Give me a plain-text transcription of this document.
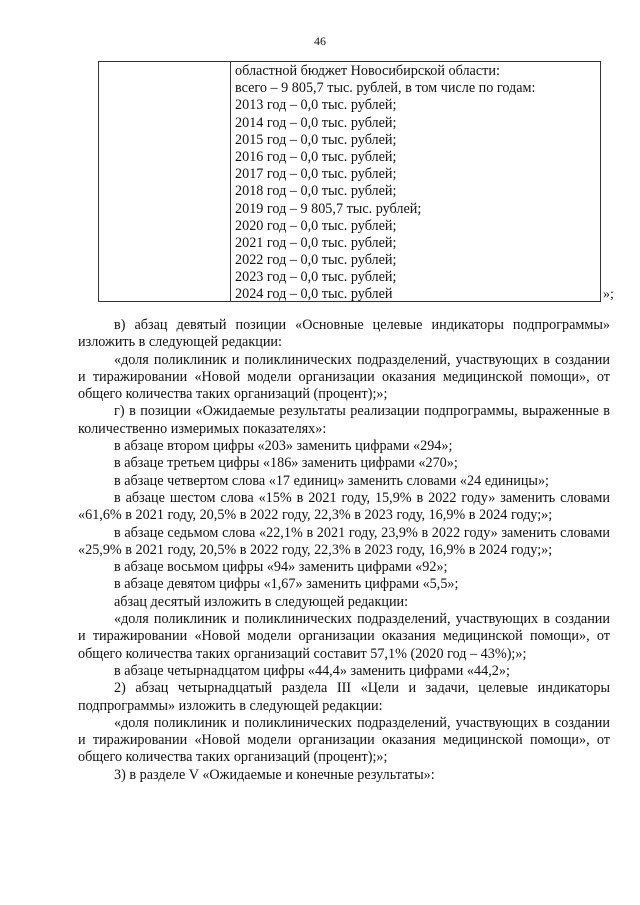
46
областной бюджет Новосибирской области:
всего – 9 805,7 тыс. рублей, в том числе по годам:
2013 год – 0,0 тыс. рублей;
2014 год – 0,0 тыс. рублей;
2015 год – 0,0 тыс. рублей;
2016 год – 0,0 тыс. рублей;
2017 год – 0,0 тыс. рублей;
2018 год – 0,0 тыс. рублей;
2019 год – 9 805,7 тыс. рублей;
2020 год – 0,0 тыс. рублей;
2021 год – 0,0 тыс. рублей;
2022 год – 0,0 тыс. рублей;
2023 год – 0,0 тыс. рублей;
2024 год – 0,0 тыс. рублей	»;

в) абзац девятый позиции «Основные целевые индикаторы подпрограммы» изложить в следующей редакции:

«доля поликлиник и поликлинических подразделений, участвующих в создании и тиражировании «Новой модели организации оказания медицинской помощи», от общего количества таких организаций (процент);»;

г) в позиции «Ожидаемые результаты реализации подпрограммы, выраженные в количественно измеримых показателях»:

в абзаце втором цифры «203» заменить цифрами «294»;

в абзаце третьем цифры «186» заменить цифрами «270»;

в абзаце четвертом слова «17 единиц» заменить словами «24 единицы»;

в абзаце шестом слова «15% в 2021 году, 15,9% в 2022 году» заменить словами «61,6% в 2021 году, 20,5% в 2022 году, 22,3% в 2023 году, 16,9% в 2024 году;»;

в абзаце седьмом слова «22,1% в 2021 году, 23,9% в 2022 году» заменить словами «25,9% в 2021 году, 20,5% в 2022 году, 22,3% в 2023 году, 16,9% в 2024 году;»;

в абзаце восьмом цифры «94» заменить цифрами «92»;

в абзаце девятом цифры «1,67» заменить цифрами «5,5»;

абзац десятый изложить в следующей редакции:

«доля поликлиник и поликлинических подразделений, участвующих в создании и тиражировании «Новой модели организации оказания медицинской помощи», от общего количества таких организаций составит 57,1% (2020 год – 43%);»;

в абзаце четырнадцатом цифры «44,4» заменить цифрами «44,2»;

2) абзац четырнадцатый раздела III «Цели и задачи, целевые индикаторы подпрограммы» изложить в следующей редакции:

«доля поликлиник и поликлинических подразделений, участвующих в создании и тиражировании «Новой модели организации оказания медицинской помощи», от общего количества таких организаций (процент);»;

3) в разделе V «Ожидаемые и конечные результаты»:
